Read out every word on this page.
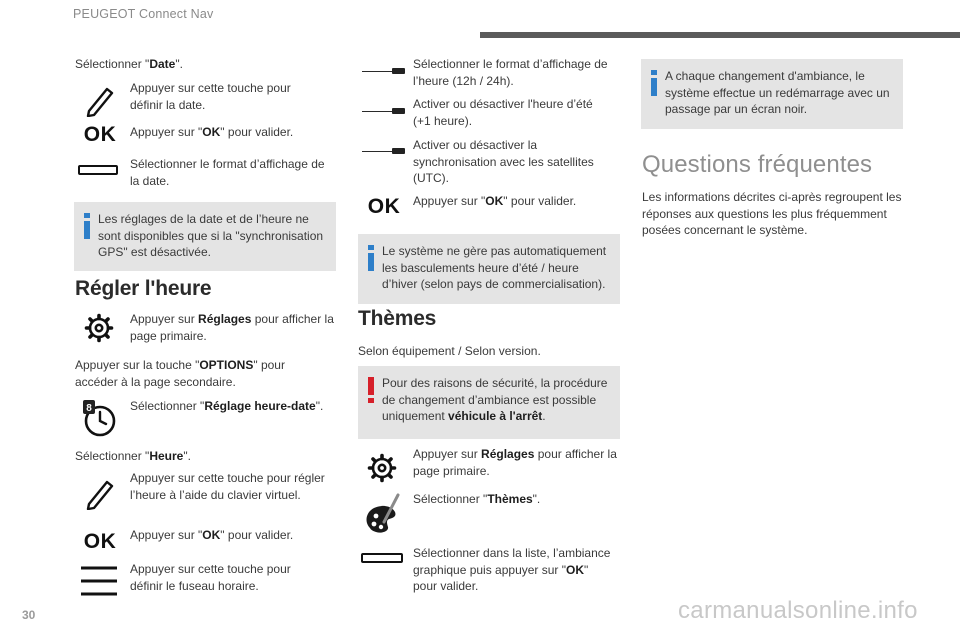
PEUGEOT Connect Nav
30	carmanualsonline.info
Sélectionner "Date".
Appuyer sur cette touche pour définir la date.
OK	Appuyer sur "OK" pour valider.
Sélectionner le format d’affichage de la date.
Les réglages de la date et de l’heure ne sont disponibles que si la "synchronisation GPS" est désactivée.
Régler l'heure
Appuyer sur Réglages pour afficher la page primaire.
Appuyer sur la touche "OPTIONS" pour accéder à la page secondaire.
8	Sélectionner "Réglage heure-date".
Sélectionner "Heure".
Appuyer sur cette touche pour régler l’heure à l’aide du clavier virtuel.
OK	Appuyer sur "OK" pour valider.
Appuyer sur cette touche pour définir le fuseau horaire.
Sélectionner le format d’affichage de l’heure (12h / 24h).
Activer ou désactiver l'heure d’été (+1 heure).
Activer ou désactiver la synchronisation avec les satellites (UTC).
OK	Appuyer sur "OK" pour valider.
Le système ne gère pas automatiquement les basculements heure d’été / heure d’hiver (selon pays de commercialisation).
Thèmes
Selon équipement / Selon version.
Pour des raisons de sécurité, la procédure de changement d’ambiance est possible uniquement véhicule à l'arrêt.
Appuyer sur Réglages pour afficher la page primaire.
Sélectionner "Thèmes".
Sélectionner dans la liste, l’ambiance graphique puis appuyer sur "OK" pour valider.
A chaque changement d'ambiance, le système effectue un redémarrage avec un passage par un écran noir.
Questions fréquentes
Les informations décrites ci-après regroupent les réponses aux questions les plus fréquemment posées concernant le système.
